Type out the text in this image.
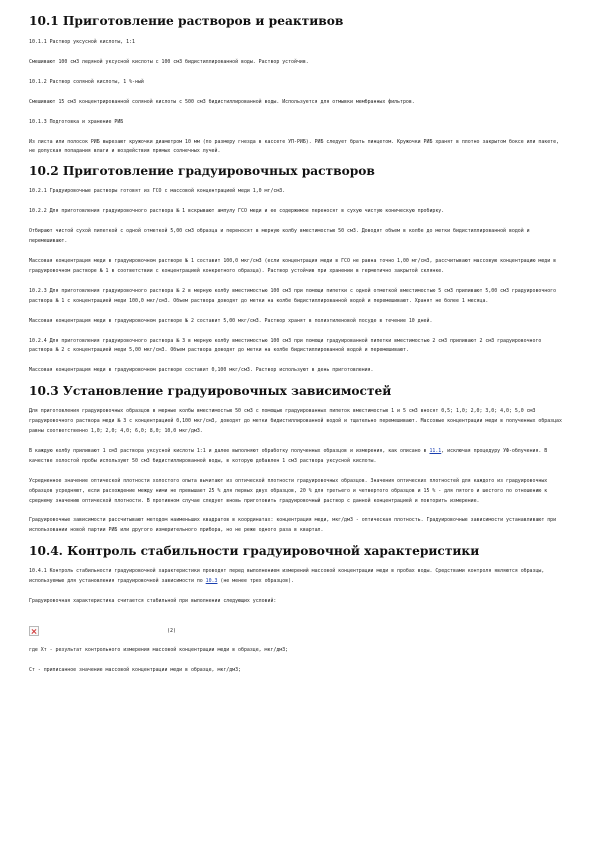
10.1 Приготовление растворов и реактивов

10.1.1 Раствор уксусной кислоты, 1:1

Смешивают 100 см3 ледяной уксусной кислоты с 100 см3 бидистиллированной воды. Раствор устойчив.

10.1.2 Раствор соляной кислоты, 1 %-ный

Смешивают 15 см3 концентрированной соляной кислоты с 500 см3 бидистиллированной воды. Используется для отмывки мембранных фильтров.

10.1.3 Подготовка и хранение РИБ

Из листа или полосок РИБ вырезают кружочки диаметром 10 мм (по размеру гнезда в кассете УП-РИБ). РИБ следует брать пинцетом. Кружочки РИБ хранят в плотно закрытом боксе или пакете, не допуская попадания влаги и воздействия прямых солнечных лучей.

10.2 Приготовление градуировочных растворов

10.2.1 Градуировочные растворы готовят из ГСО с массовой концентрацией меди 1,0 мг/см3.

10.2.2 Для приготовления градуировочного раствора № 1 вскрывают ампулу ГСО меди и ее содержимое переносят в сухую чистую коническую пробирку.

Отбирают чистой сухой пипеткой с одной отметкой 5,00 см3 образца и переносят в мерную колбу вместимостью 50 см3. Доводят объем в колбе до метки бидистиллированной водой и перемешивают.

Массовая концентрация меди в градуировочном растворе № 1 составит 100,0 мкг/см3 (если концентрация меди в ГСО не равна точно 1,00 мг/см3, рассчитывают массовую концентрацию меди в градуировочном растворе № 1 в соответствии с концентрацией конкретного образца). Раствор устойчив при хранении в герметично закрытой склянке.

10.2.3 Для приготовления градуировочного раствора № 2 в мерную колбу вместимостью 100 см3 при помощи пипетки с одной отметкой вместимостью 5 см3 приливают 5,00 см3 градуировочного раствора № 1 с концентрацией меди 100,0 мкг/см3. Объем раствора доводят до метки на колбе бидистиллированной водой и перемешивают. Хранят не более 1 месяца.

Массовая концентрация меди в градуировочном растворе № 2 составит 5,00 мкг/см3. Раствор хранят в полиэтиленовой посуде в течение 10 дней.

10.2.4 Для приготовления градуировочного раствора № 3 в мерную колбу вместимостью 100 см3 при помощи градуированной пипетки вместимостью 2 см3 приливают 2 см3 градуировочного раствора № 2 с концентрацией меди 5,00 мкг/см3. Объем раствора доводят до метки на колбе бидистиллированной водой и перемешивают.

Массовая концентрация меди в градуировочном растворе составит 0,100 мкг/см3. Раствор используют в день приготовления.

10.3 Установление градуировочных зависимостей

Для приготовления градуировочных образцов в мерные колбы вместимостью 50 см3 с помощью градуированных пипеток вместимостью 1 и 5 см3 вносят 0,5; 1,0; 2,0; 3,0; 4,0; 5,0 см3 градуировочного раствора меди № 3 с концентрацией 0,100 мкг/см3, доводят до метки бидистиллированной водой и тщательно перемешивают. Массовые концентрации меди в полученных образцах равны соответственно 1,0; 2,0; 4,0; 6,0; 8,0; 10,0 мкг/дм3.

В каждую колбу приливают 1 см3 раствора уксусной кислоты 1:1 и далее выполняют обработку полученных образцов и измерения, как описано в 11.1, исключая процедуру УФ-облучения. В качестве холостой пробы используют 50 см3 бидистиллированной воды, в которую добавлен 1 см3 раствора уксусной кислоты.

Усредненное значение оптической плотности холостого опыта вычитают из оптической плотности градуировочных образцов. Значения оптических плотностей для каждого из градуировочных образцов усредняют, если расхождение между ними не превышает 25 % для первых двух образцов, 20 % для третьего и четвертого образцов и 15 % - для пятого и шестого по отношению к среднему значению оптической плотности. В противном случае следует вновь приготовить градуировочный раствор с данной концентрацией и повторить измерение.

Градуировочные зависимости рассчитывают методом наименьших квадратов в координатах: концентрация меди, мкг/дм3 - оптическая плотность. Градуировочные зависимости устанавливают при использовании новой партии РИБ или другого измерительного прибора, но не реже одного раза в квартал.

10.4. Контроль стабильности градуировочной характеристики

10.4.1 Контроль стабильности градуировочной характеристики проводят перед выполнением измерений массовой концентрации меди в пробах воды. Средствами контроля являются образцы, используемые для установления градуировочной зависимости по 10.3 (не менее трех образцов).

Градуировочная характеристика считается стабильной при выполнении следующих условий:

(2)

где Хт - результат контрольного измерения массовой концентрации меди в образце, мкг/дм3;

Ст - приписанное значение массовой концентрации меди в образце, мкг/дм3;
